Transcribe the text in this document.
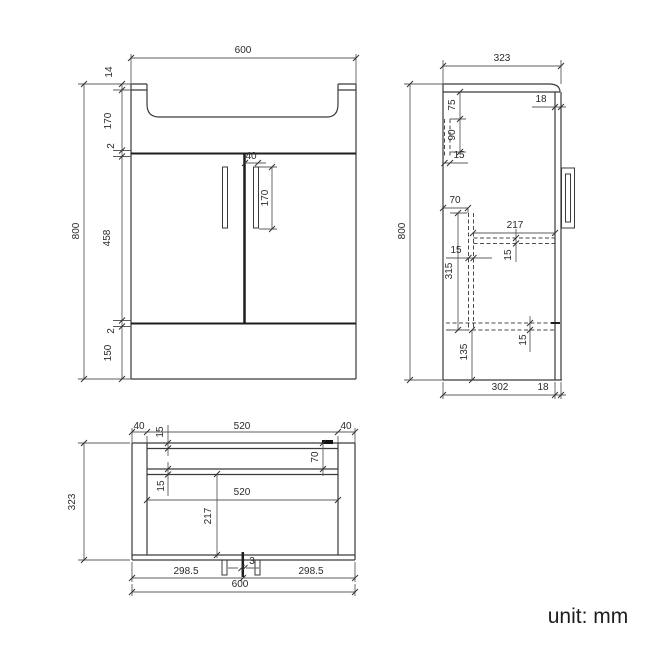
600
800
14
170
2
458
2
150
40
170
323
800
18
75
90
15
70
15
315
217
15
15
135
302	18
40	520	40
15
70
15
520
217
3
298.5	298.5
600
323
unit: mm
